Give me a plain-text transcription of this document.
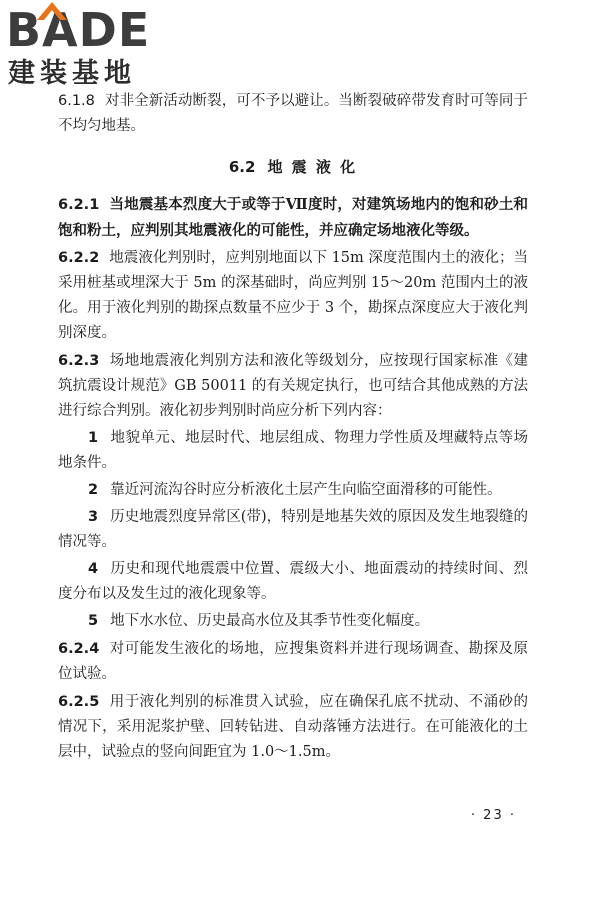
BADE
建装基地

6.1.8 对非全新活动断裂，可不予以避让。当断裂破碎带发育时可等同于不均匀地基。

6.2 地 震 液 化

6.2.1 当地震基本烈度大于或等于Ⅶ度时，对建筑场地内的饱和砂土和饱和粉土，应判别其地震液化的可能性，并应确定场地液化等级。

6.2.2 地震液化判别时，应判别地面以下 15m 深度范围内土的液化；当采用桩基或埋深大于 5m 的深基础时，尚应判别 15～20m 范围内土的液化。用于液化判别的勘探点数量不应少于 3 个，勘探点深度应大于液化判别深度。

6.2.3 场地地震液化判别方法和液化等级划分，应按现行国家标准《建筑抗震设计规范》GB 50011 的有关规定执行，也可结合其他成熟的方法进行综合判别。液化初步判别时尚应分析下列内容：

1 地貌单元、地层时代、地层组成、物理力学性质及埋藏特点等场地条件。

2 靠近河流沟谷时应分析液化土层产生向临空面滑移的可能性。

3 历史地震烈度异常区(带)，特别是地基失效的原因及发生地裂缝的情况等。

4 历史和现代地震震中位置、震级大小、地面震动的持续时间、烈度分布以及发生过的液化现象等。

5 地下水水位、历史最高水位及其季节性变化幅度。

6.2.4 对可能发生液化的场地，应搜集资料并进行现场调查、勘探及原位试验。

6.2.5 用于液化判别的标准贯入试验，应在确保孔底不扰动、不涌砂的情况下，采用泥浆护壁、回转钻进、自动落锤方法进行。在可能液化的土层中，试验点的竖向间距宜为 1.0～1.5m。

· 23 ·
